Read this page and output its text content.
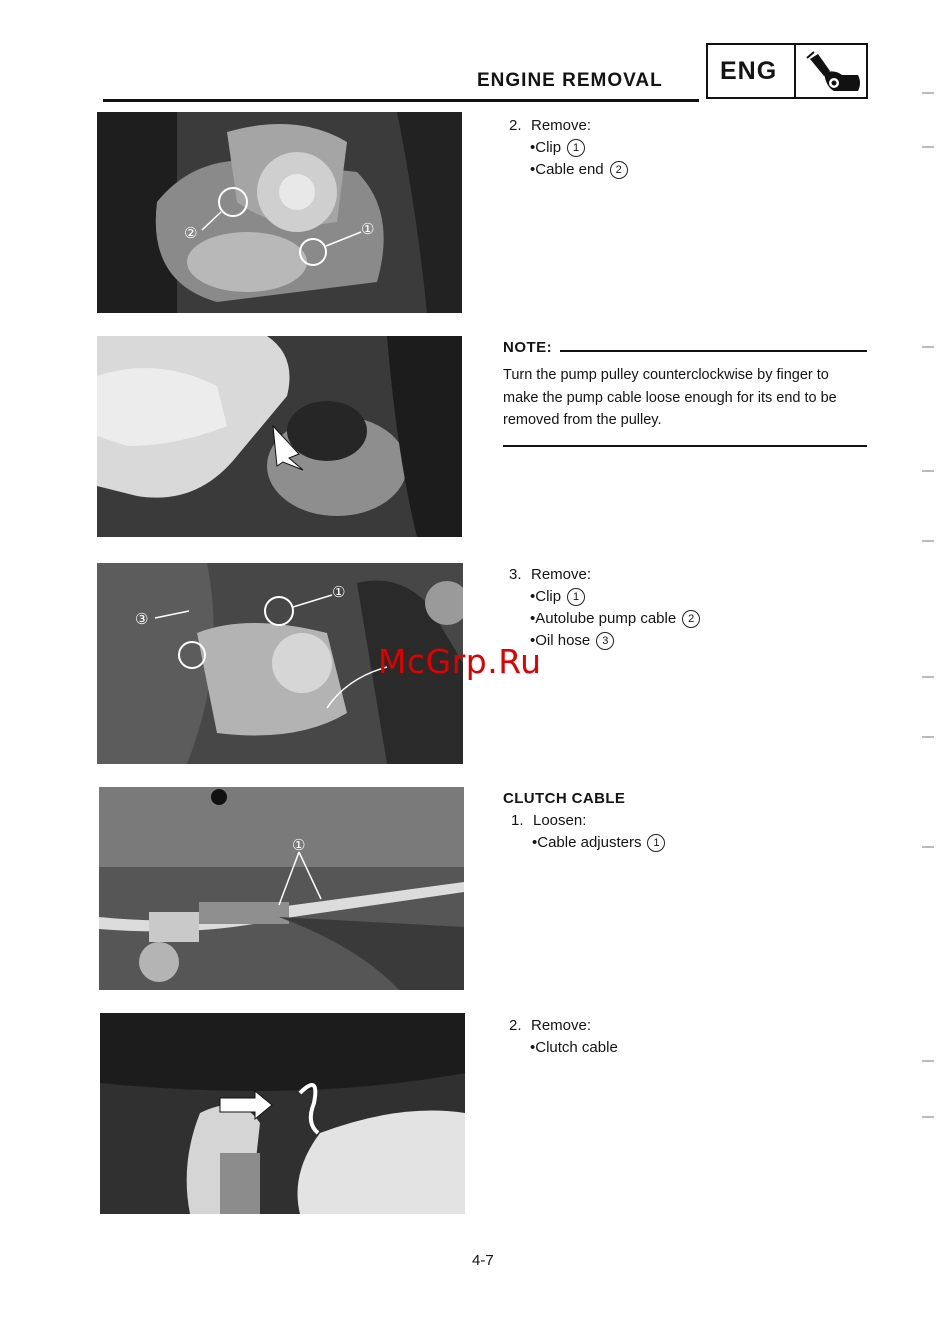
ENGINE REMOVAL ENG
②	①
①
③
①
2. Remove:
•Clip 1
•Cable end 2
NOTE:
Turn the pump pulley counterclockwise by finger to make the pump cable loose enough for its end to be removed from the pulley.
3. Remove:
•Clip 1
•Autolube pump cable 2
•Oil hose 3
McGrp.Ru
CLUTCH CABLE
1. Loosen:
•Cable adjusters 1
2. Remove:
•Clutch cable
4-7
